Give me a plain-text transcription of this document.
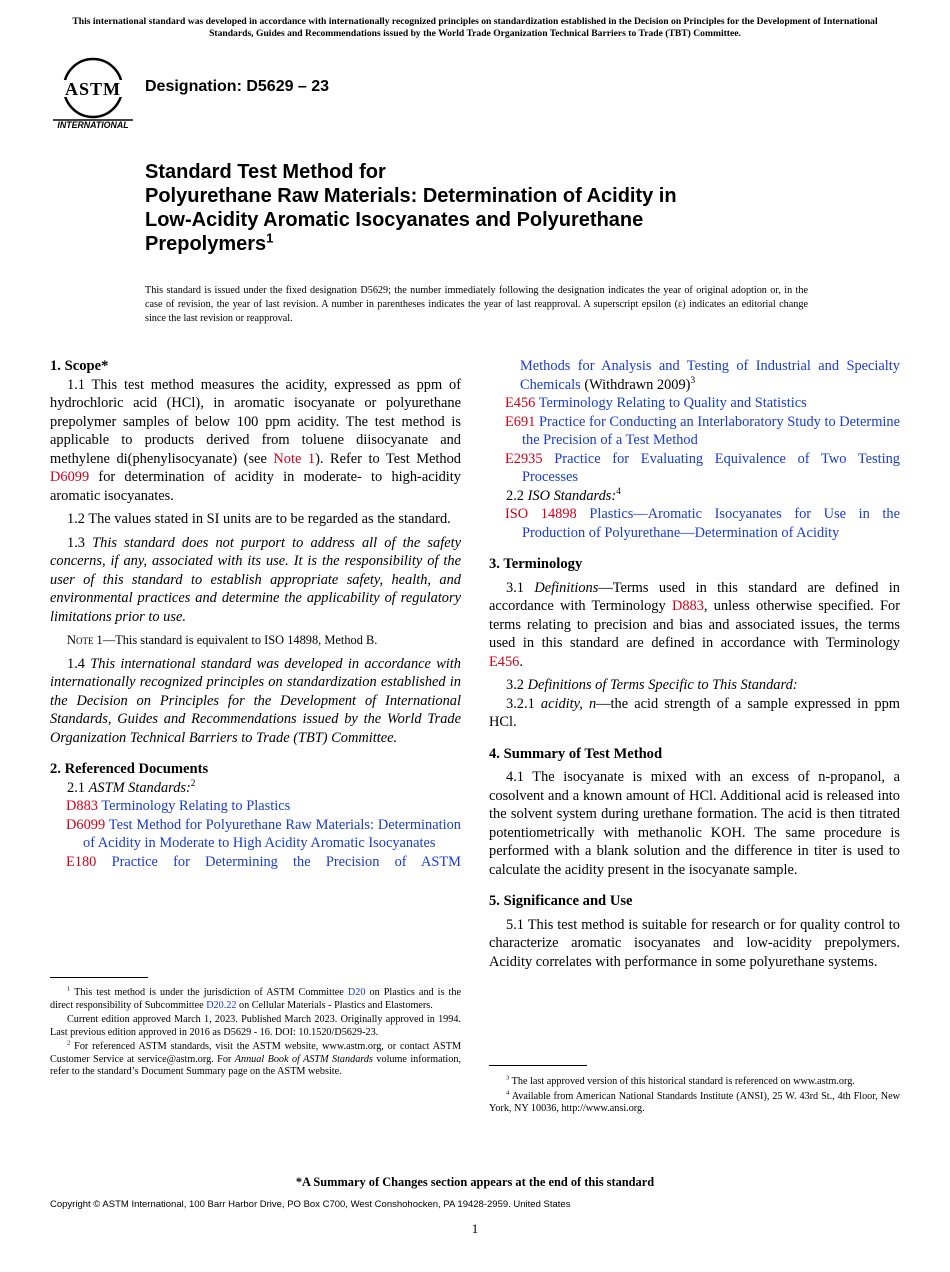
This international standard was developed in accordance with internationally recognized principles on standardization established in the Decision on Principles for the Development of International Standards, Guides and Recommendations issued by the World Trade Organization Technical Barriers to Trade (TBT) Committee.
ASTM
INTERNATIONAL
Designation: D5629 – 23
Standard Test Method for
Polyurethane Raw Materials: Determination of Acidity in
Low-Acidity Aromatic Isocyanates and Polyurethane
Prepolymers$^1$
This standard is issued under the fixed designation D5629; the number immediately following the designation indicates the year of original adoption or, in the case of revision, the year of last revision. A number in parentheses indicates the year of last reapproval. A superscript epsilon (ε) indicates an editorial change since the last revision or reapproval.
1. Scope*

1.1 This test method measures the acidity, expressed as ppm of hydrochloric acid (HCl), in aromatic isocyanate or polyurethane prepolymer samples of below 100 ppm acidity. The test method is applicable to products derived from toluene diisocyanate and methylene di(phenylisocyanate) (see Note 1). Refer to Test Method D6099 for determination of acidity in moderate- to high-acidity aromatic isocyanates.

1.2 The values stated in SI units are to be regarded as the standard.

1.3 This standard does not purport to address all of the safety concerns, if any, associated with its use. It is the responsibility of the user of this standard to establish appropriate safety, health, and environmental practices and determine the applicability of regulatory limitations prior to use.

Note 1—This standard is equivalent to ISO 14898, Method B.

1.4 This international standard was developed in accordance with internationally recognized principles on standardization established in the Decision on Principles for the Development of International Standards, Guides and Recommendations issued by the World Trade Organization Technical Barriers to Trade (TBT) Committee.

2. Referenced Documents

2.1 ASTM Standards:$^2$

D883 Terminology Relating to Plastics

D6099 Test Method for Polyurethane Raw Materials: Determination of Acidity in Moderate to High Acidity Aromatic Isocyanates

E180 Practice for Determining the Precision of ASTM

Methods for Analysis and Testing of Industrial and Specialty Chemicals (Withdrawn 2009)$^3$

E456 Terminology Relating to Quality and Statistics

E691 Practice for Conducting an Interlaboratory Study to Determine the Precision of a Test Method

E2935 Practice for Evaluating Equivalence of Two Testing Processes

2.2 ISO Standards:$^4$

ISO 14898 Plastics—Aromatic Isocyanates for Use in the Production of Polyurethane—Determination of Acidity

3. Terminology

3.1 Definitions—Terms used in this standard are defined in accordance with Terminology D883, unless otherwise specified. For terms relating to precision and bias and associated issues, the terms used in this standard are defined in accordance with Terminology E456.

3.2 Definitions of Terms Specific to This Standard:

3.2.1 acidity, n—the acid strength of a sample expressed in ppm HCl.

4. Summary of Test Method

4.1 The isocyanate is mixed with an excess of n-propanol, a cosolvent and a known amount of HCl. Additional acid is released into the solvent system during urethane formation. The acid is then titrated potentiometrically with methanolic KOH. The same procedure is performed with a blank solution and the difference in titer is used to calculate the acidity present in the isocyanate sample.

5. Significance and Use

5.1 This test method is suitable for research or for quality control to characterize aromatic isocyanates and low-acidity prepolymers. Acidity correlates with performance in some polyurethane systems.

$^1$ This test method is under the jurisdiction of ASTM Committee D20 on Plastics and is the direct responsibility of Subcommittee D20.22 on Cellular Materials - Plastics and Elastomers.

Current edition approved March 1, 2023. Published March 2023. Originally approved in 1994. Last previous edition approved in 2016 as D5629 - 16. DOI: 10.1520/D5629-23.

$^2$ For referenced ASTM standards, visit the ASTM website, www.astm.org, or contact ASTM Customer Service at service@astm.org. For Annual Book of ASTM Standards volume information, refer to the standard’s Document Summary page on the ASTM website.

$^3$ The last approved version of this historical standard is referenced on www.astm.org.

$^4$ Available from American National Standards Institute (ANSI), 25 W. 43rd St., 4th Floor, New York, NY 10036, http://www.ansi.org.

*A Summary of Changes section appears at the end of this standard
Copyright © ASTM International, 100 Barr Harbor Drive, PO Box C700, West Conshohocken, PA 19428-2959. United States
1
